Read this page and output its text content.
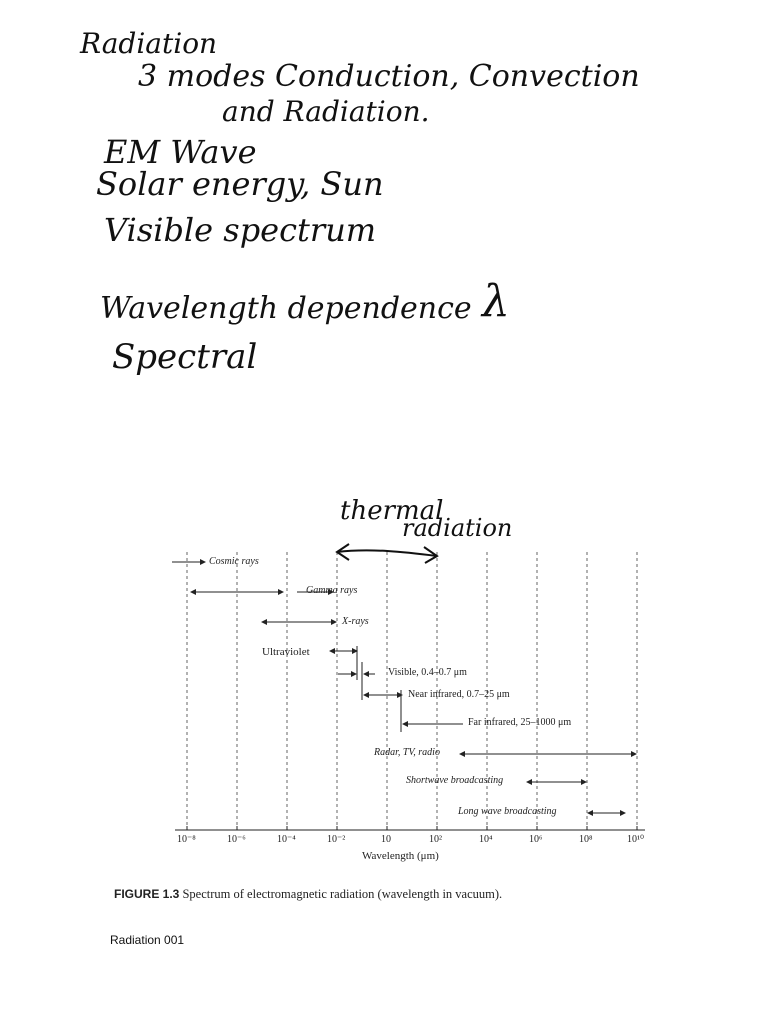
Radiation
3 modes Conduction, Convection
and Radiation.
EM Wave
Solar energy, Sun
Visible spectrum
Wavelength dependence λ
Spectral
thermal
radiation
Cosmic rays
Gamma rays
X-rays
Ultraviolet
Visible, 0.4–0.7 μm
Near infrared, 0.7–25 μm
Far infrared, 25–1000 μm
Radar, TV, radio
Shortwave broadcasting
Long wave broadcasting
10⁻⁸	10⁻⁶	10⁻⁴	10⁻²	10	10²	10⁴	10⁶	10⁸	10¹⁰
Wavelength (μm)
FIGURE 1.3 Spectrum of electromagnetic radiation (wavelength in vacuum).
Radiation 001
